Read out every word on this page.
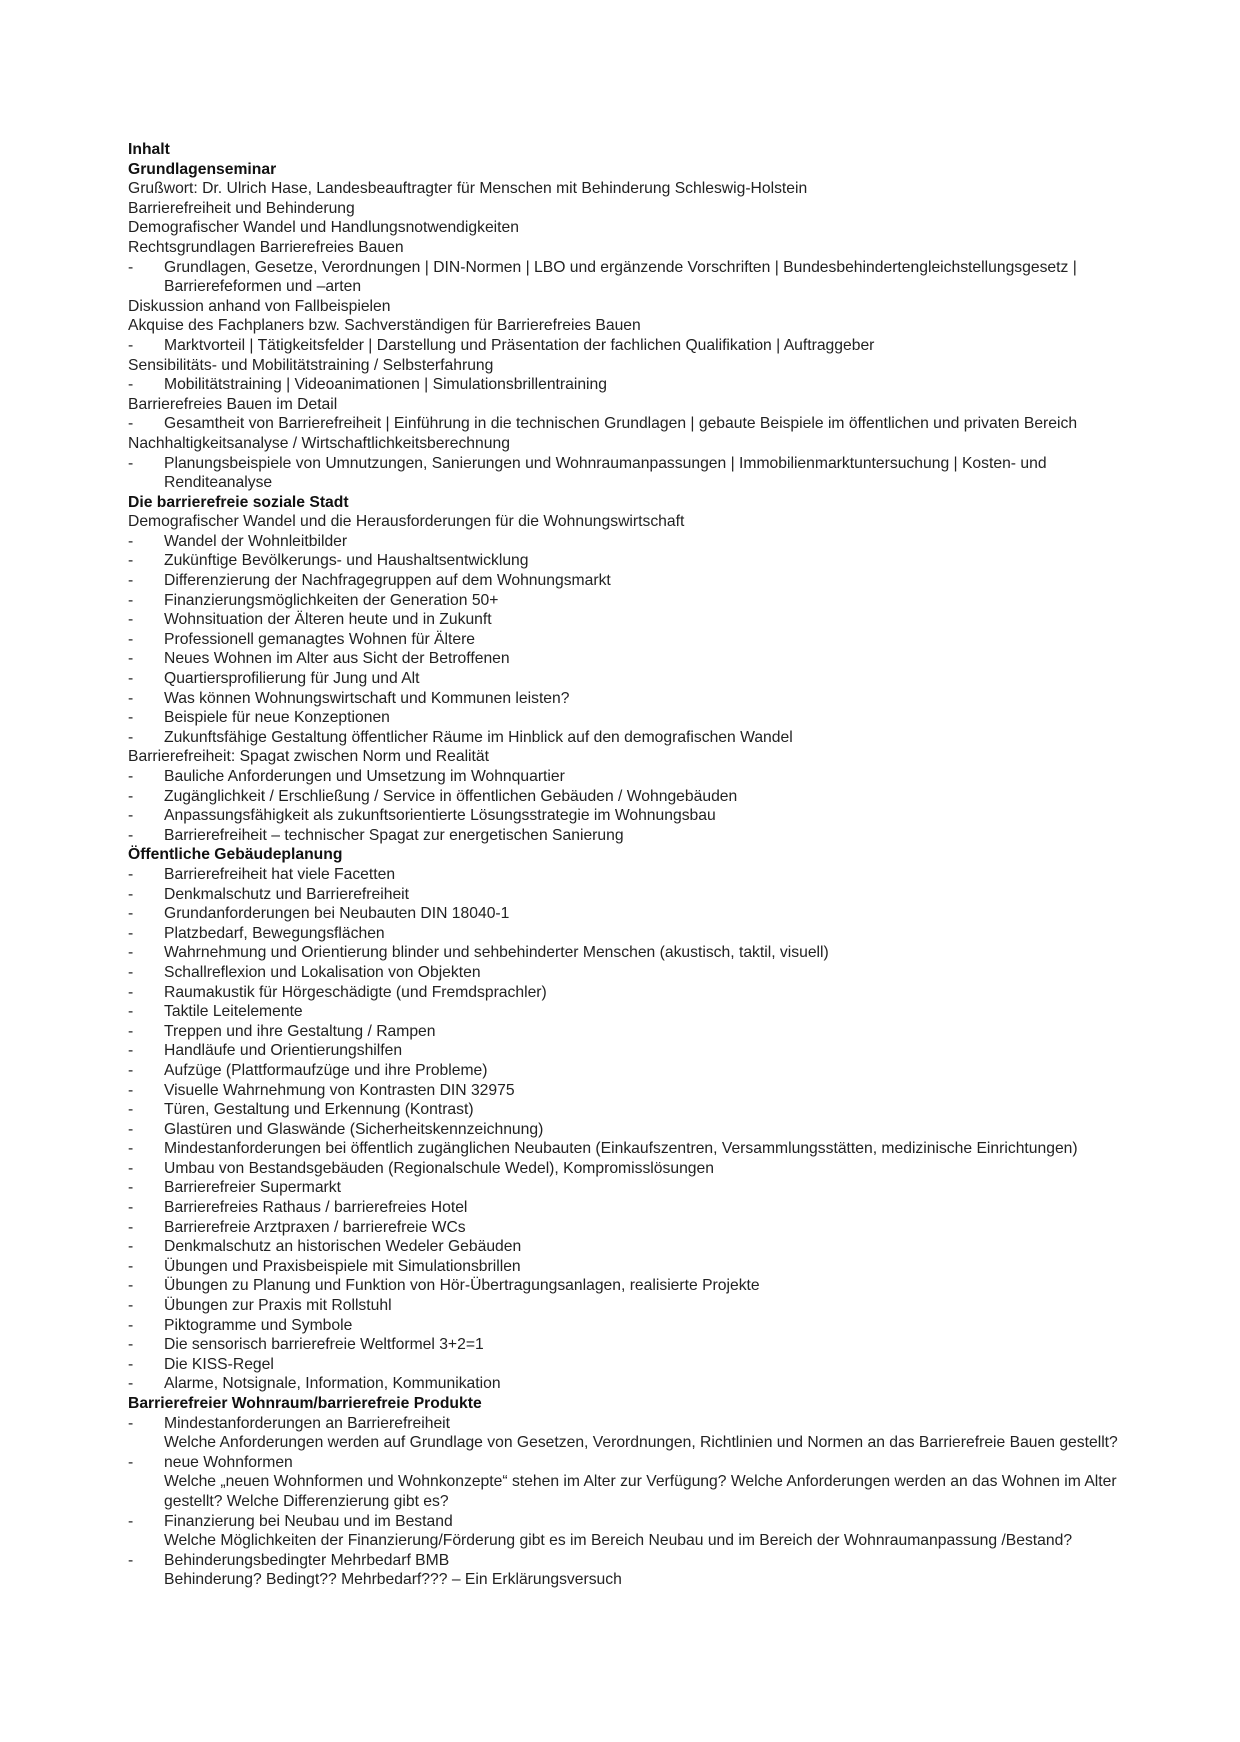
Inhalt

Grundlagenseminar

Grußwort: Dr. Ulrich Hase, Landesbeauftragter für Menschen mit Behinderung Schleswig-Holstein

Barrierefreiheit und Behinderung

Demografischer Wandel und Handlungsnotwendigkeiten

Rechtsgrundlagen Barrierefreies Bauen

-	Grundlagen, Gesetze, Verordnungen | DIN-Normen | LBO und ergänzende Vorschriften | Bundesbehindertengleichstellungsgesetz | Barrierefeformen und –arten

Diskussion anhand von Fallbeispielen

Akquise des Fachplaners bzw. Sachverständigen für Barrierefreies Bauen

-	Marktvorteil | Tätigkeitsfelder | Darstellung und Präsentation der fachlichen Qualifikation | Auftraggeber

Sensibilitäts- und Mobilitätstraining / Selbsterfahrung

-	Mobilitätstraining | Videoanimationen | Simulationsbrillentraining

Barrierefreies Bauen im Detail

-	Gesamtheit von Barrierefreiheit | Einführung in die technischen Grundlagen | gebaute Beispiele im öffentlichen und privaten Bereich

Nachhaltigkeitsanalyse / Wirtschaftlichkeitsberechnung

-	Planungsbeispiele von Umnutzungen, Sanierungen und Wohnraumanpassungen | Immobilienmarktuntersuchung | Kosten- und Renditeanalyse

Die barrierefreie soziale Stadt

Demografischer Wandel und die Herausforderungen für die Wohnungswirtschaft

-	Wandel der Wohnleitbilder
-	Zukünftige Bevölkerungs- und Haushaltsentwicklung
-	Differenzierung der Nachfragegruppen auf dem Wohnungsmarkt
-	Finanzierungsmöglichkeiten der Generation 50+
-	Wohnsituation der Älteren heute und in Zukunft
-	Professionell gemanagtes Wohnen für Ältere
-	Neues Wohnen im Alter aus Sicht der Betroffenen
-	Quartiersprofilierung für Jung und Alt
-	Was können Wohnungswirtschaft und Kommunen leisten?
-	Beispiele für neue Konzeptionen
-	Zukunftsfähige Gestaltung öffentlicher Räume im Hinblick auf den demografischen Wandel

Barrierefreiheit: Spagat zwischen Norm und Realität

-	Bauliche Anforderungen und Umsetzung im Wohnquartier
-	Zugänglichkeit / Erschließung / Service in öffentlichen Gebäuden / Wohngebäuden
-	Anpassungsfähigkeit als zukunftsorientierte Lösungsstrategie im Wohnungsbau
-	Barrierefreiheit – technischer Spagat zur energetischen Sanierung

Öffentliche Gebäudeplanung

-	Barrierefreiheit hat viele Facetten
-	Denkmalschutz und Barrierefreiheit
-	Grundanforderungen bei Neubauten DIN 18040-1
-	Platzbedarf, Bewegungsflächen
-	Wahrnehmung und Orientierung blinder und sehbehinderter Menschen (akustisch, taktil, visuell)
-	Schallreflexion und Lokalisation von Objekten
-	Raumakustik für Hörgeschädigte (und Fremdsprachler)
-	Taktile Leitelemente
-	Treppen und ihre Gestaltung / Rampen
-	Handläufe und Orientierungshilfen
-	Aufzüge (Plattformaufzüge und ihre Probleme)
-	Visuelle Wahrnehmung von Kontrasten DIN 32975
-	Türen, Gestaltung und Erkennung (Kontrast)
-	Glastüren und Glaswände (Sicherheitskennzeichnung)
-	Mindestanforderungen bei öffentlich zugänglichen Neubauten (Einkaufszentren, Versammlungsstätten, medizinische Einrichtungen)
-	Umbau von Bestandsgebäuden (Regionalschule Wedel), Kompromisslösungen
-	Barrierefreier Supermarkt
-	Barrierefreies Rathaus / barrierefreies Hotel
-	Barrierefreie Arztpraxen / barrierefreie WCs
-	Denkmalschutz an historischen Wedeler Gebäuden
-	Übungen und Praxisbeispiele mit Simulationsbrillen
-	Übungen zu Planung und Funktion von Hör-Übertragungsanlagen, realisierte Projekte
-	Übungen zur Praxis mit Rollstuhl
-	Piktogramme und Symbole
-	Die sensorisch barrierefreie Weltformel 3+2=1
-	Die KISS-Regel
-	Alarme, Notsignale, Information, Kommunikation

Barrierefreier Wohnraum/barrierefreie Produkte

-	Mindestanforderungen an Barrierefreiheit

Welche Anforderungen werden auf Grundlage von Gesetzen, Verordnungen, Richtlinien und Normen an das Barrierefreie Bauen gestellt?

-	neue Wohnformen

Welche „neuen Wohnformen und Wohnkonzepte“ stehen im Alter zur Verfügung? Welche Anforderungen werden an das Wohnen im Alter gestellt? Welche Differenzierung gibt es?

-	Finanzierung bei Neubau und im Bestand

Welche Möglichkeiten der Finanzierung/Förderung gibt es im Bereich Neubau und im Bereich der Wohnraumanpassung /Bestand?

-	Behinderungsbedingter Mehrbedarf BMB

Behinderung? Bedingt?? Mehrbedarf??? – Ein Erklärungsversuch
